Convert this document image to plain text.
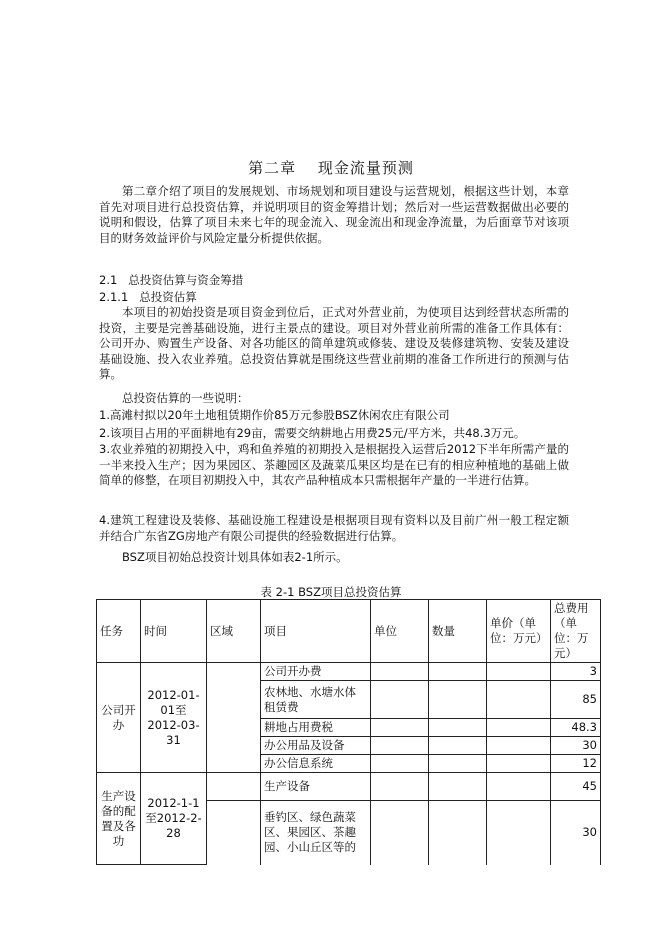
第二章　 现金流量预测
第二章介绍了项目的发展规划、市场规划和项目建设与运营规划，根据这些计划，本章首先对项目进行总投资估算，并说明项目的资金筹措计划；然后对一些运营数据做出必要的说明和假设，估算了项目未来七年的现金流入、现金流出和现金净流量，为后面章节对该项目的财务效益评价与风险定量分析提供依据。
2.1 总投资估算与资金筹措
2.1.1 总投资估算
本项目的初始投资是项目资金到位后，正式对外营业前，为使项目达到经营状态所需的投资，主要是完善基础设施，进行主景点的建设。项目对外营业前所需的准备工作具体有：公司开办、购置生产设备、对各功能区的简单建筑或修装、建设及装修建筑物、安装及建设基础设施、投入农业养殖。总投资估算就是围绕这些营业前期的准备工作所进行的预测与估算。
总投资估算的一些说明：
1.高滩村拟以20年土地租赁期作价85万元参股BSZ休闲农庄有限公司
2.该项目占用的平面耕地有29亩，需要交纳耕地占用费25元/平方米，共48.3万元。
3.农业养殖的初期投入中，鸡和鱼养殖的初期投入是根据投入运营后2012下半年所需产量的一半来投入生产；因为果园区、茶趣园区及蔬菜瓜果区均是在已有的相应种植地的基础上做简单的修整，在项目初期投入中，其农产品种植成本只需根据年产量的一半进行估算。
4.建筑工程建设及装修、基础设施工程建设是根据项目现有资料以及目前广州一般工程定额并结合广东省ZG房地产有限公司提供的经验数据进行估算。
BSZ项目初始总投资计划具体如表2-1所示。
表 2-1 BSZ项目总投资估算
任务	时间	区域	项目	单位	数量	单价（单位：万元）	总费用（单位：万元）
公司开办	2012-01-01至2012-03-31		公司开办费				3
			农林地、水塘水体租赁费				85
			耕地占用费税				48.3
			办公用品及设备				30
			办公信息系统				12
生产设备的配置及各功	2012-1-1至2012-2-28		生产设备				45
			垂钓区、绿色蔬菜区、果园区、茶趣园、小山丘区等的				30
